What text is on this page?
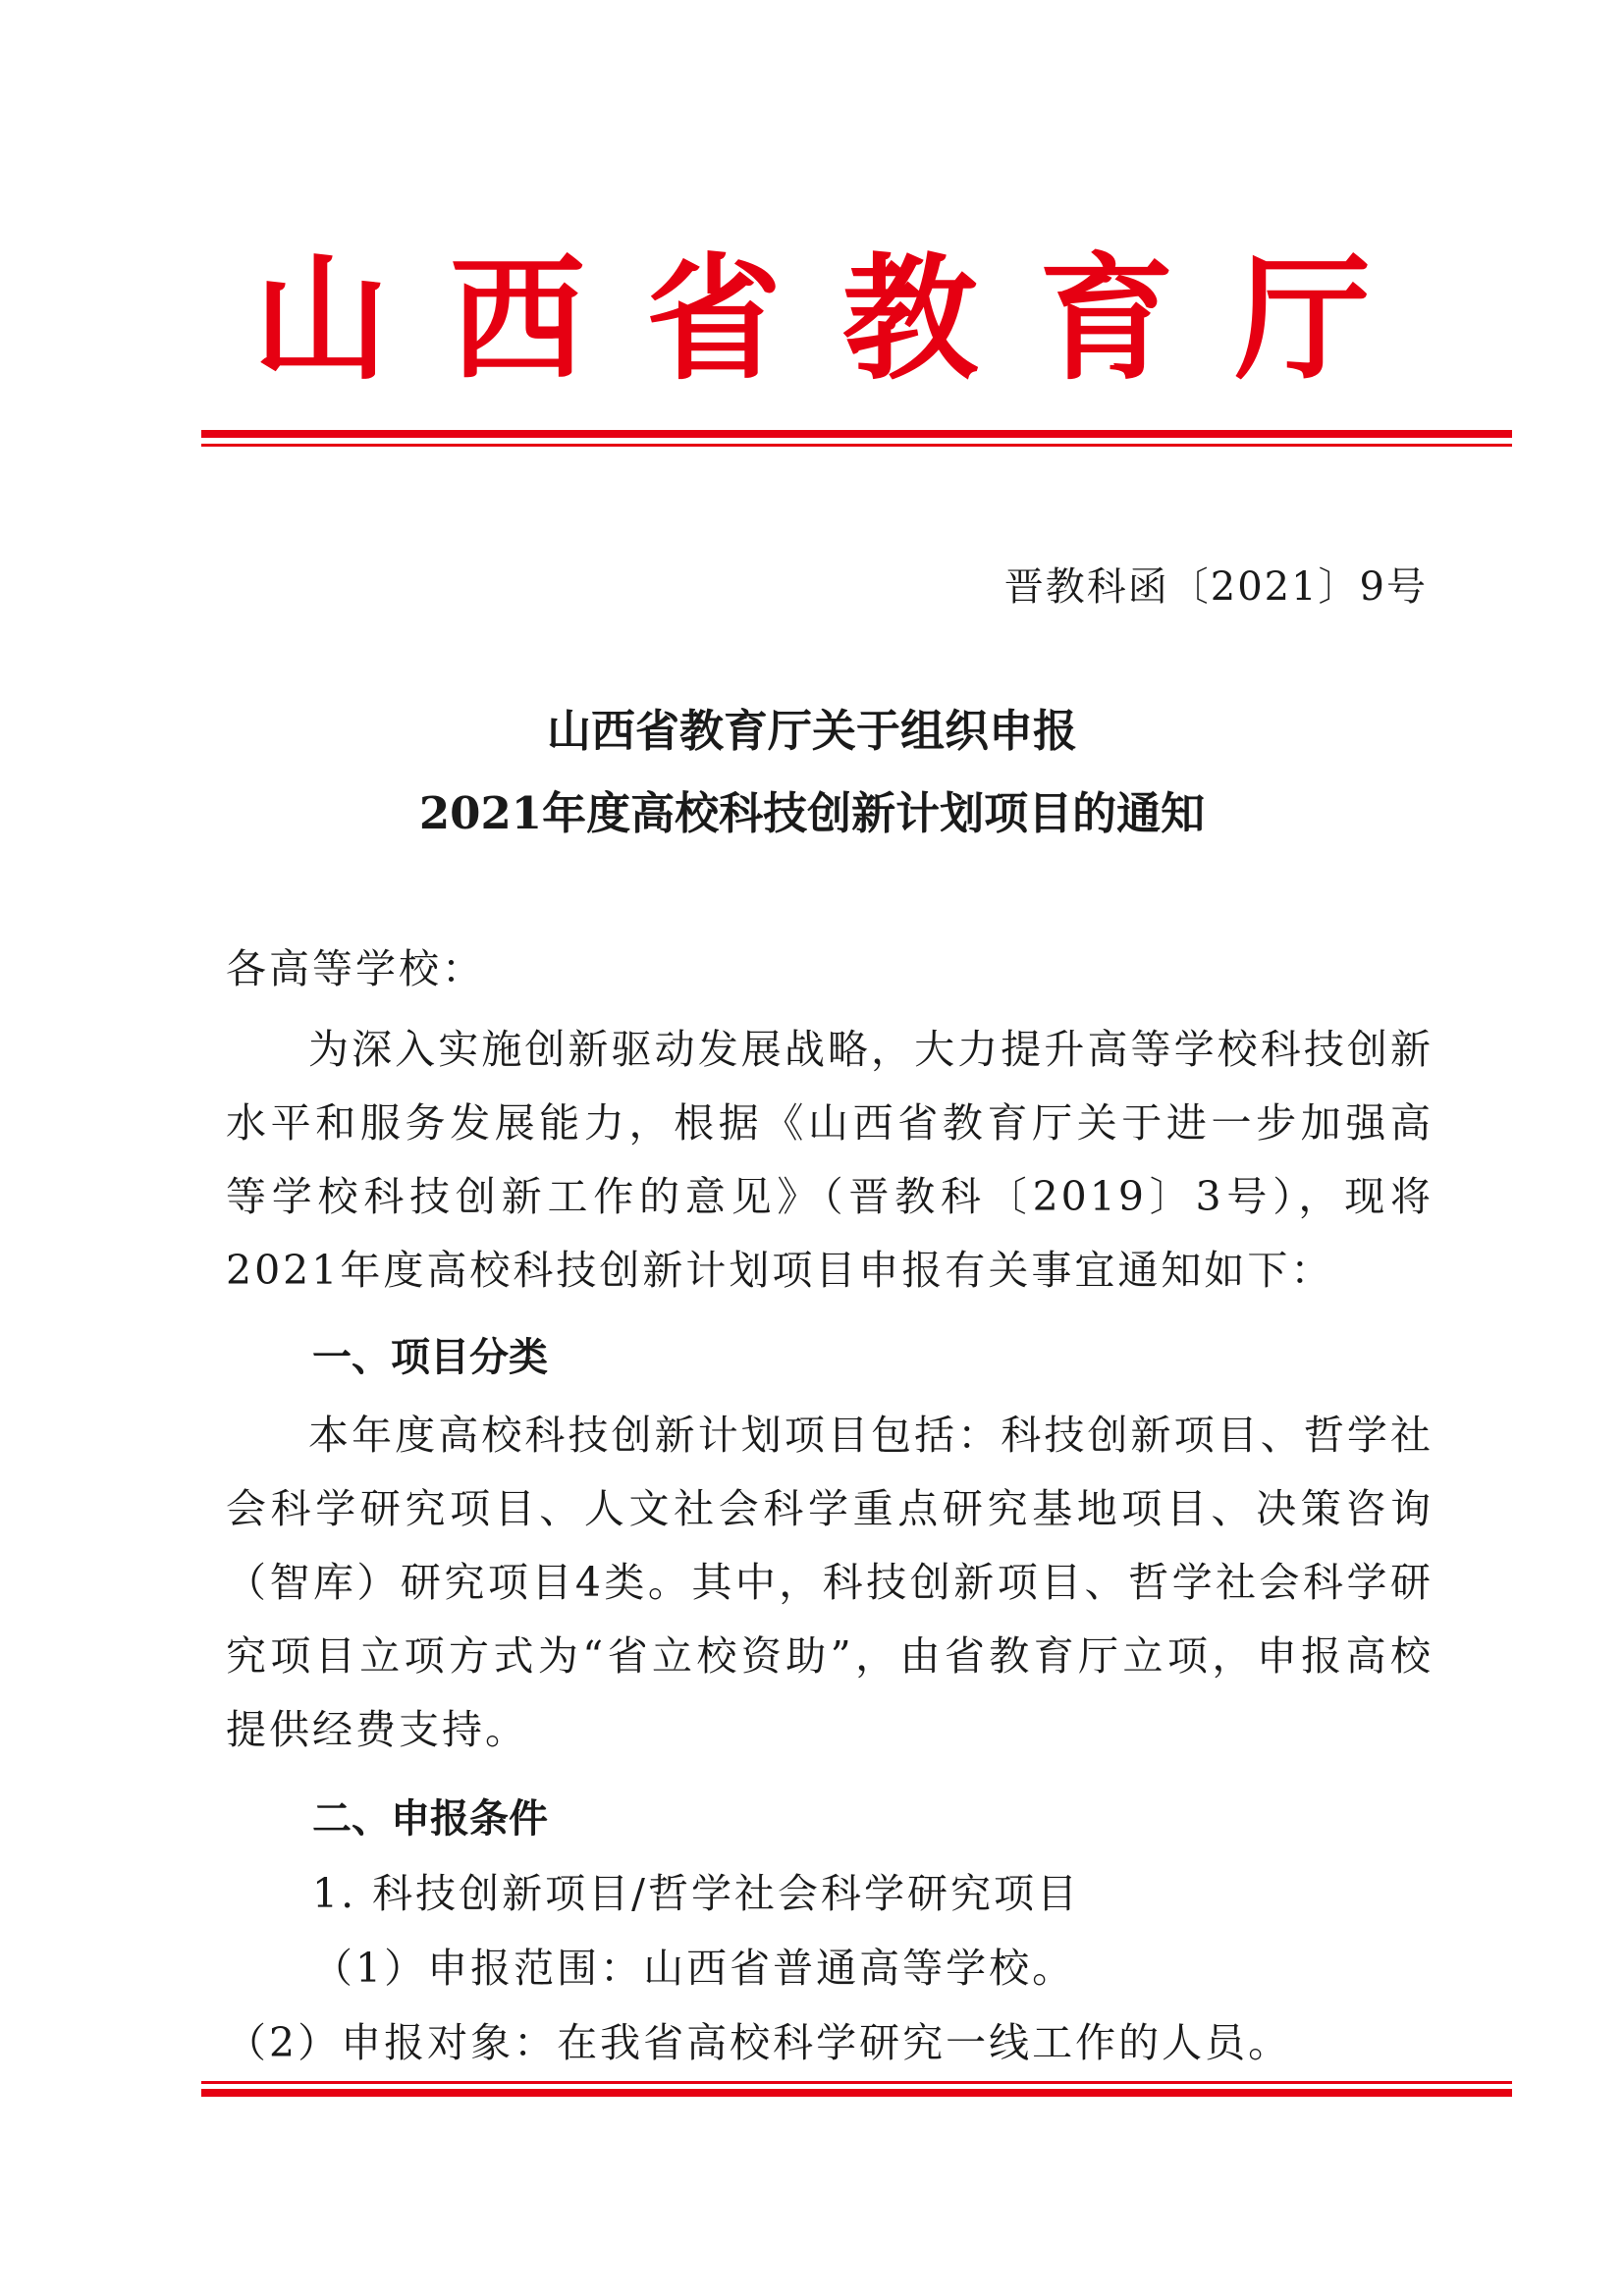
山西省教育厅
晋教科函〔2021〕9号
山西省教育厅关于组织申报
2021年度高校科技创新计划项目的通知
各高等学校：
为深入实施创新驱动发展战略，大力提升高等学校科技创新水平和服务发展能力，根据《山西省教育厅关于进一步加强高等学校科技创新工作的意见》（晋教科〔2019〕3号），现将2021年度高校科技创新计划项目申报有关事宜通知如下：
一、项目分类
本年度高校科技创新计划项目包括：科技创新项目、哲学社会科学研究项目、人文社会科学重点研究基地项目、决策咨询（智库）研究项目4类。其中，科技创新项目、哲学社会科学研究项目立项方式为“省立校资助”，由省教育厅立项，申报高校提供经费支持。
二、申报条件
1. 科技创新项目/哲学社会科学研究项目
（1）申报范围：山西省普通高等学校。
（2）申报对象：在我省高校科学研究一线工作的人员。
